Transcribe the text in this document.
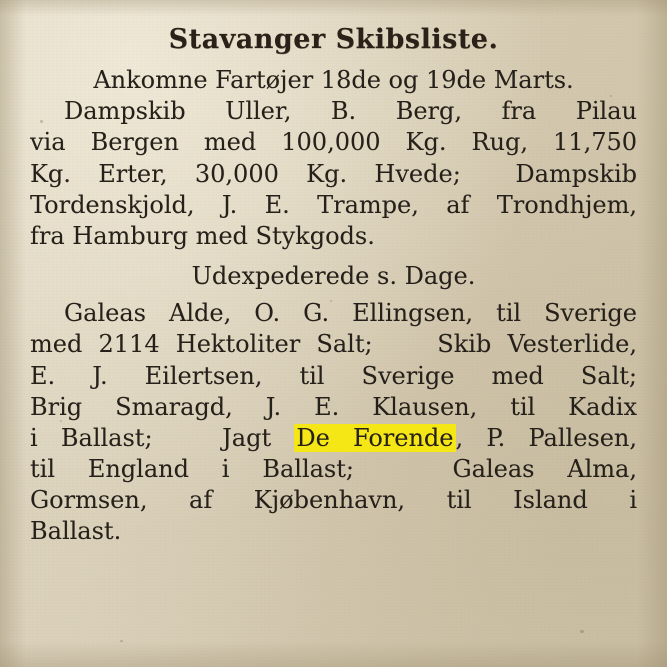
Stavanger Skibsliste.
Ankomne Fartøjer 18de og 19de Marts.
Dampskib Uller, B. Berg, fra Pilau
via Bergen med 100,000 Kg. Rug, 11,750
Kg. Erter, 30,000 Kg. Hvede;  Dampskib
Tordenskjold, J. E. Trampe, af Trondhjem,
fra Hamburg med Stykgods.
Udexpederede s. Dage.
Galeas Alde, O. G. Ellingsen, til Sverige
med 2114 Hektoliter Salt;    Skib Vesterlide,
E. J. Eilertsen, til Sverige med Salt;
Brig Smaragd, J. E. Klausen, til Kadix
i Ballast;   Jagt De Forende, P. Pallesen,
til England i Ballast;   Galeas Alma,
Gormsen, af Kjøbenhavn, til Island i
Ballast.
